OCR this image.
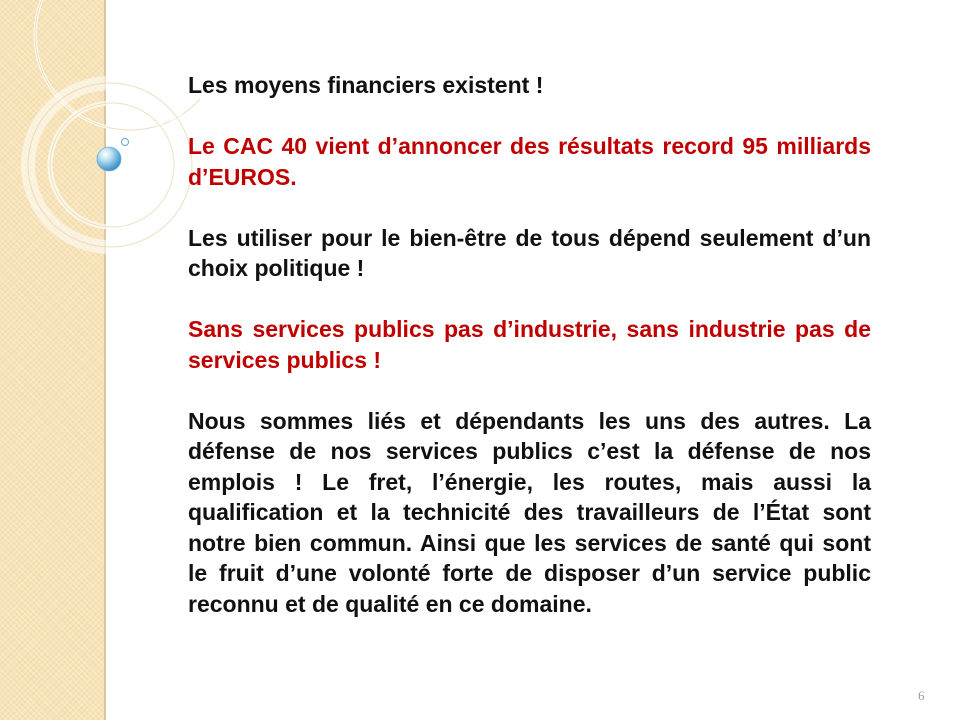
Les moyens financiers existent !

Le CAC 40 vient d’annoncer des résultats record 95 milliards d’EUROS.

Les utiliser pour le bien-être de tous dépend seulement d’un choix politique !

Sans services publics pas d’industrie, sans industrie pas de services publics !

Nous sommes liés et dépendants les uns des autres. La défense de nos services publics c’est la défense de nos emplois ! Le fret, l’énergie, les routes, mais aussi la qualification et la technicité des travailleurs de l’État sont notre bien commun. Ainsi que les services de santé qui sont le fruit d’une volonté forte de disposer d’un service public reconnu et de qualité en ce domaine.

6
